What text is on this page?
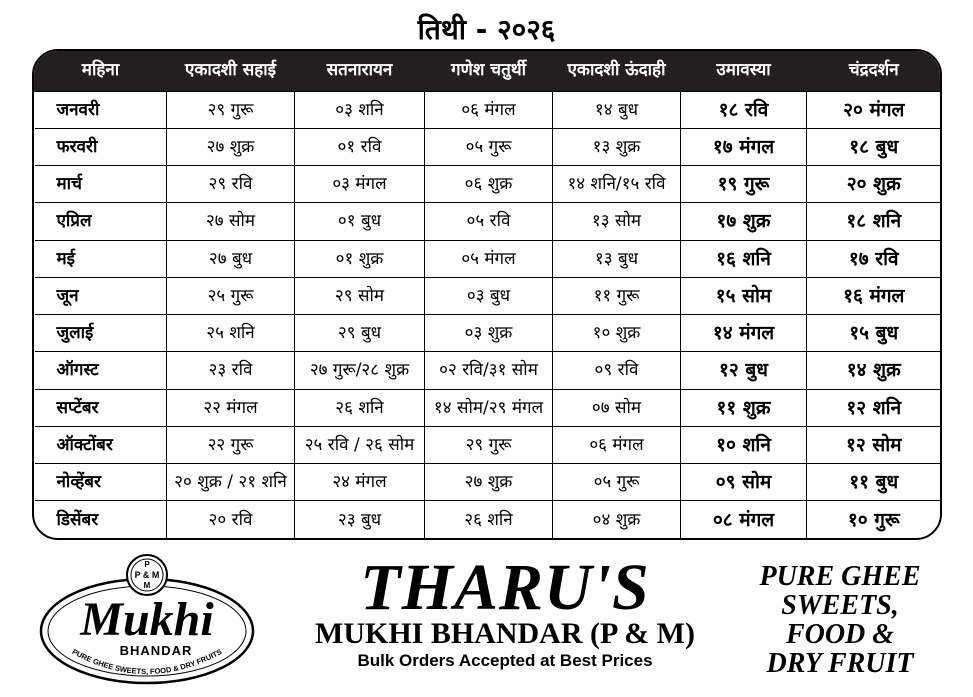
तिथी - २०२६
महिना	एकादशी सहाई	सतनारायन	गणेश चतुर्थी	एकादशी ऊंदाही	उमावस्या	चंद्रदर्शन
जनवरी	२९ गुरू	०३ शनि	०६ मंगल	१४ बुध	१८ रवि	२० मंगल
फरवरी	२७ शुक्र	०१ रवि	०५ गुरू	१३ शुक्र	१७ मंगल	१८ बुध
मार्च	२९ रवि	०३ मंगल	०६ शुक्र	१४ शनि/१५ रवि	१९ गुरू	२० शुक्र
एप्रिल	२७ सोम	०१ बुध	०५ रवि	१३ सोम	१७ शुक्र	१८ शनि
मई	२७ बुध	०१ शुक्र	०५ मंगल	१३ बुध	१६ शनि	१७ रवि
जून	२५ गुरू	२९ सोम	०३ बुध	११ गुरू	१५ सोम	१६ मंगल
जुलाई	२५ शनि	२९ बुध	०३ शुक्र	१० शुक्र	१४ मंगल	१५ बुध
ऑगस्ट	२३ रवि	२७ गुरू/२८ शुक्र	०२ रवि/३१ सोम	०९ रवि	१२ बुध	१४ शुक्र
सप्टेंबर	२२ मंगल	२६ शनि	१४ सोम/२९ मंगल	०७ सोम	११ शुक्र	१२ शनि
ऑक्टोंबर	२२ गुरू	२५ रवि / २६ सोम	२९ गुरू	०६ मंगल	१० शनि	१२ सोम
नोव्हेंबर	२० शुक्र / २१ शनि	२४ मंगल	२७ शुक्र	०५ गुरू	०९ सोम	११ बुध
डिसेंबर	२० रवि	२३ बुध	२६ शनि	०४ शुक्र	०८ मंगल	१० गुरू
P
P & M
M
Mukhi
BHANDAR
PURE GHEE SWEETS, FOOD & DRY FRUITS
THARU'S
MUKHI BHANDAR (P & M)
Bulk Orders Accepted at Best Prices
PURE GHEE
SWEETS,
FOOD &
DRY FRUIT
